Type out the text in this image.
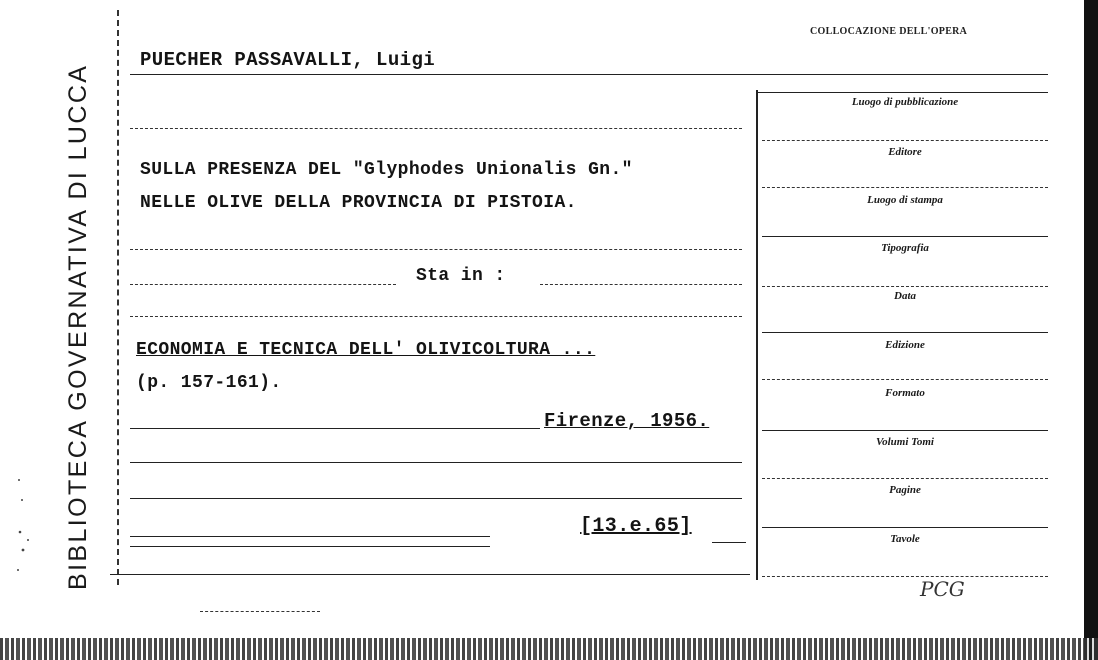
BIBLIOTECA GOVERNATIVA DI LUCCA
COLLOCAZIONE DELL'OPERA
PUECHER PASSAVALLI, Luigi
SULLA PRESENZA DEL "Glyphodes Unionalis Gn."
NELLE OLIVE DELLA PROVINCIA DI PISTOIA.
Sta in :
ECONOMIA E TECNICA DELL' OLIVICOLTURA ...
(p. 157-161).
Firenze, 1956.
[13.e.65]
Luogo di pubblicazione
Editore
Luogo di stampa
Tipografia
Data
Edizione
Formato
Volumi Tomi
Pagine
Tavole
PCG
